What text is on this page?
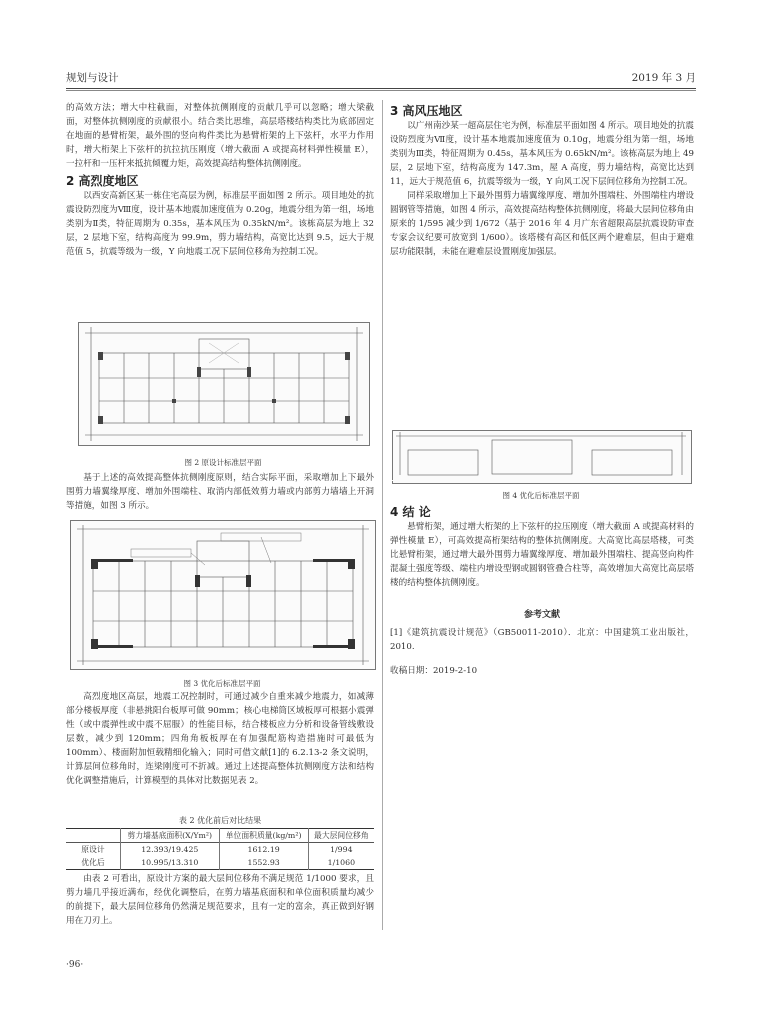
规划与设计	2019 年 3 月

的高效方法；增大中柱截面，对整体抗侧刚度的贡献几乎可以忽略；增大梁截面，对整体抗侧刚度的贡献很小。结合类比思维，高层塔楼结构类比为底部固定在地面的悬臂桁架，最外围的竖向构件类比为悬臂桁架的上下弦杆，水平力作用时，增大桁架上下弦杆的抗拉抗压刚度（增大截面 A 或提高材料弹性模量 E），一拉杆和一压杆来抵抗倾覆力矩，高效提高结构整体抗侧刚度。

2 高烈度地区

以西安高新区某一栋住宅高层为例，标准层平面如图 2 所示。项目地处的抗震设防烈度为Ⅷ度，设计基本地震加速度值为 0.20g，地震分组为第一组，场地类别为Ⅱ类，特征周期为 0.35s，基本风压为 0.35kN/m²。该栋高层为地上 32 层，2 层地下室，结构高度为 99.9m，剪力墙结构，高宽比达到 9.5，远大于规范值 5，抗震等级为一级，Y 向地震工况下层间位移角为控制工况。

图 2 原设计标准层平面

基于上述的高效提高整体抗侧刚度原则，结合实际平面，采取增加上下最外围剪力墙翼缘厚度、增加外围端柱、取消内部低效剪力墙或内部剪力墙墙上开洞等措施，如图 3 所示。

图 3 优化后标准层平面

高烈度地区高层，地震工况控制时，可通过减少自重来减少地震力，如减薄部分楼板厚度（非悬挑阳台板厚可做 90mm；核心电梯筒区域板厚可根据小震弹性（或中震弹性或中震不屈服）的性能目标，结合楼板应力分析和设备管线敷设层数，减少到 120mm；四角角板板厚在有加强配筋构造措施时可最低为 100mm）、楼面附加恒载精细化输入；同时可借文献[1]的 6.2.13-2 条文说明，计算层间位移角时，连梁刚度可不折减。通过上述提高整体抗侧刚度方法和结构优化调整措施后，计算模型的具体对比数据见表 2。

表 2 优化前后对比结果
	剪力墙基底面积(X/Ym²)	单位面积质量(kg/m²)	最大层间位移角
原设计	12.393/19.425	1612.19	1/994
优化后	10.995/13.310	1552.93	1/1060

由表 2 可看出，原设计方案的最大层间位移角不满足规范 1/1000 要求，且剪力墙几乎接近满布，经优化调整后，在剪力墙基底面积和单位面积质量均减少的前提下，最大层间位移角仍然满足规范要求，且有一定的富余，真正做到好钢用在刀刃上。

3 高风压地区

以广州南沙某一超高层住宅为例，标准层平面如图 4 所示。项目地处的抗震设防烈度为Ⅶ度，设计基本地震加速度值为 0.10g，地震分组为第一组，场地类别为Ⅲ类，特征周期为 0.45s，基本风压为 0.65kN/m²。该栋高层为地上 49 层，2 层地下室，结构高度为 147.3m，屋 A 高度，剪力墙结构，高宽比达到 11，远大于规范值 6，抗震等级为一级，Y 向风工况下层间位移角为控制工况。

同样采取增加上下最外围剪力墙翼缘厚度、增加外围端柱、外围端柱内增设圆钢管等措施，如图 4 所示，高效提高结构整体抗侧刚度，将最大层间位移角由原来的 1/595 减少到 1/672（基于 2016 年 4 月广东省超限高层抗震设防审查专家会议纪要可放宽到 1/600）。该塔楼有高区和低区两个避难层，但由于避难层功能限制，未能在避难层设置刚度加强层。

图 4 优化后标准层平面
4 结 论

悬臂桁架，通过增大桁架的上下弦杆的拉压刚度（增大截面 A 或提高材料的弹性模量 E），可高效提高桁架结构的整体抗侧刚度。大高宽比高层塔楼，可类比悬臂桁架，通过增大最外围剪力墙翼缘厚度、增加最外围端柱、提高竖向构件混凝土强度等级、端柱内增设型钢或圆钢管叠合柱等，高效增加大高宽比高层塔楼的结构整体抗侧刚度。

参考文献

[1]《建筑抗震设计规范》（GB50011-2010）．北京：中国建筑工业出版社，2010.

收稿日期：2019-2-10

·96·
